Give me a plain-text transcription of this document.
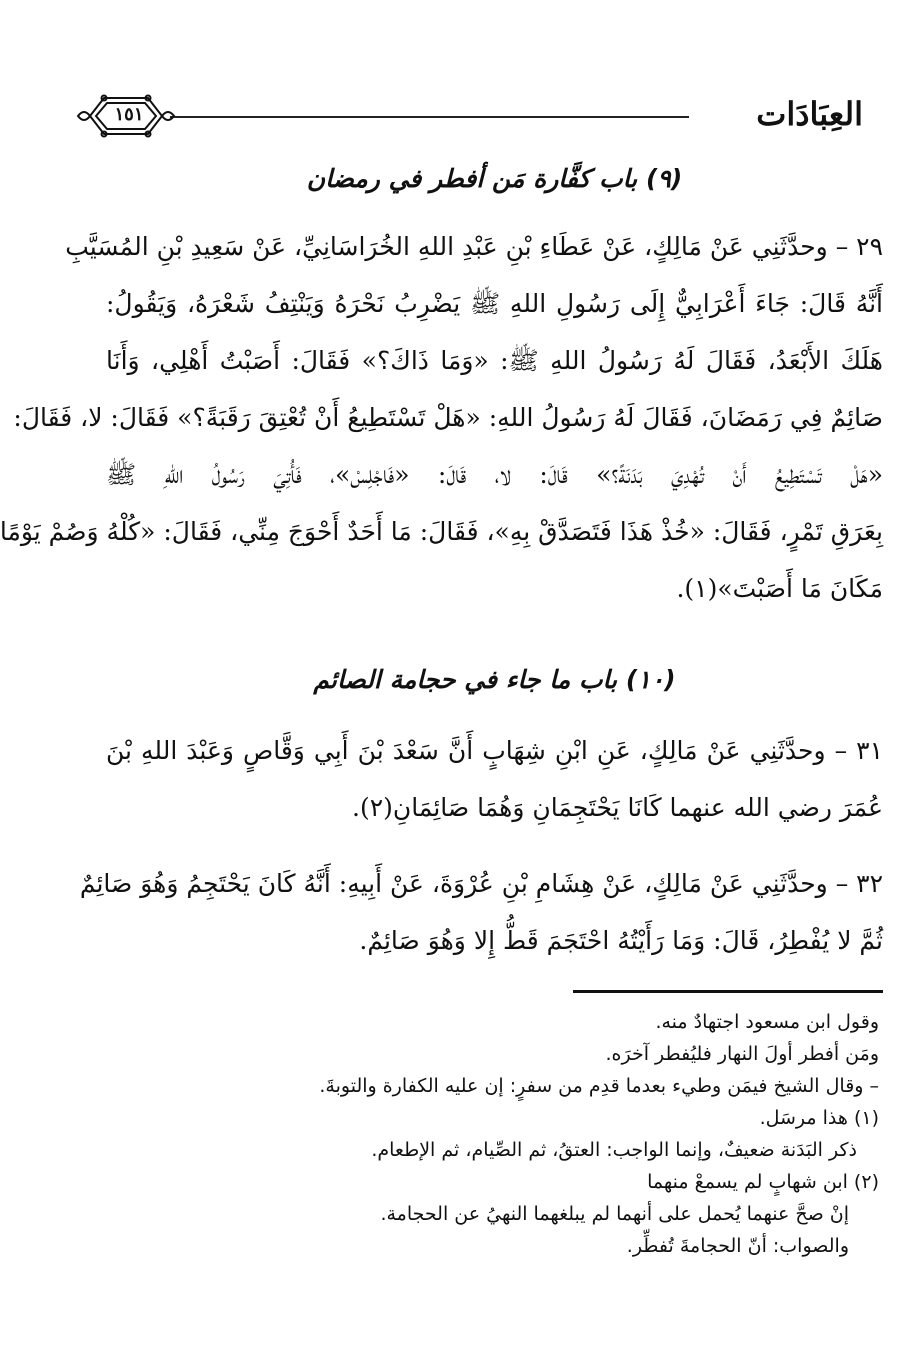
العِبَادَات
١٥١
(٩) باب كفَّارة مَن أفطر في رمضان
٢٩ – وحدَّثَنِي عَنْ مَالِكٍ، عَنْ عَطَاءِ بْنِ عَبْدِ اللهِ الخُرَاسَانِيِّ، عَنْ سَعِيدِ بْنِ المُسَيَّبِ
أَنَّهُ قَالَ: جَاءَ أَعْرَابِيٌّ إِلَى رَسُولِ اللهِ ﷺ يَضْرِبُ نَحْرَهُ وَيَنْتِفُ شَعْرَهُ، وَيَقُولُ:
هَلَكَ الأَبْعَدُ، فَقَالَ لَهُ رَسُولُ اللهِ ﷺ: «وَمَا ذَاكَ؟» فَقَالَ: أَصَبْتُ أَهْلِي، وَأَنَا
صَائِمٌ فِي رَمَضَانَ، فَقَالَ لَهُ رَسُولُ اللهِ: «هَلْ تَسْتَطِيعُ أَنْ تُعْتِقَ رَقَبَةً؟» فَقَالَ: لا، فَقَالَ:
«هَلْ تَسْتَطِيعُ أَنْ تُهْدِيَ بَدَنَةً؟» قَالَ: لا، قَالَ: «فَاجْلِسْ»، فَأُتِيَ رَسُولُ اللهِ ﷺ
بِعَرَقِ تَمْرٍ، فَقَالَ: «خُذْ هَذَا فَتَصَدَّقْ بِهِ»، فَقَالَ: مَا أَحَدٌ أَحْوَجَ مِنِّي، فَقَالَ: «كُلْهُ وَصُمْ يَوْمًا
مَكَانَ مَا أَصَبْتَ»(١).
(١٠) باب ما جاء في حجامة الصائم
٣١ – وحدَّثَنِي عَنْ مَالِكٍ، عَنِ ابْنِ شِهَابٍ أَنَّ سَعْدَ بْنَ أَبِي وَقَّاصٍ وَعَبْدَ اللهِ بْنَ
عُمَرَ رضي الله عنهما كَانَا يَحْتَجِمَانِ وَهُمَا صَائِمَانِ(٢).
٣٢ – وحدَّثَنِي عَنْ مَالِكٍ، عَنْ هِشَامِ بْنِ عُرْوَةَ، عَنْ أَبِيهِ: أَنَّهُ كَانَ يَحْتَجِمُ وَهُوَ صَائِمٌ
ثُمَّ لا يُفْطِرُ، قَالَ: وَمَا رَأَيْتُهُ احْتَجَمَ قَطُّ إِلا وَهُوَ صَائِمٌ.
وقول ابن مسعود اجتهادٌ منه.
ومَن أفطر أولَ النهار فليُفطر آخرَه.
– وقال الشيخ فيمَن وطيء بعدما قدِم من سفرٍ: إن عليه الكفارة والتوبةَ.
(١) هذا مرسَل.
ذكر البَدَنة ضعيفٌ، وإنما الواجب: العتقُ، ثم الصِّيام، ثم الإطعام.
(٢) ابن شهابٍ لم يسمعْ منهما
إنْ صحَّ عنهما يُحمل على أنهما لم يبلغهما النهيُ عن الحجامة.
والصواب: أنّ الحجامةَ تُفطِّر.
